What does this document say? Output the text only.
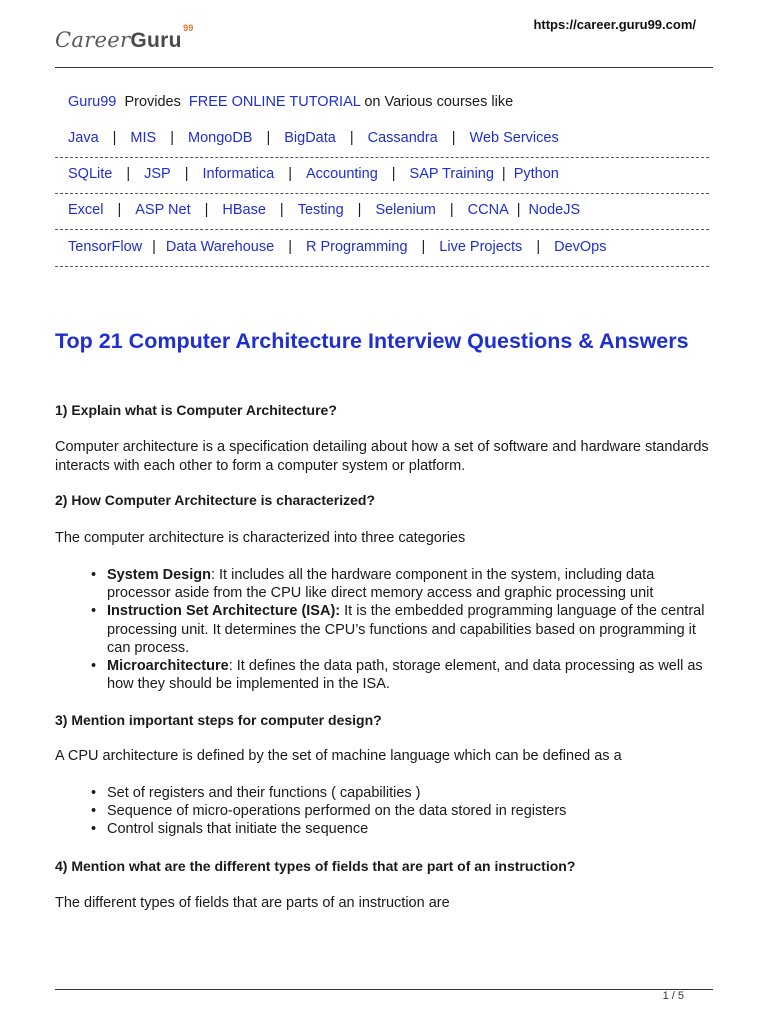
CareerGuru
99	https://career.guru99.com/
Guru99 Provides FREE ONLINE TUTORIAL on Various courses like
Java | MIS | MongoDB | BigData | Cassandra | Web Services
SQLite | JSP | Informatica | Accounting | SAP Training | Python
Excel | ASP Net | HBase | Testing | Selenium | CCNA | NodeJS
TensorFlow | Data Warehouse | R Programming | Live Projects | DevOps
Top 21 Computer Architecture Interview Questions & Answers
1) Explain what is Computer Architecture?
Computer architecture is a specification detailing about how a set of software and hardware standards interacts with each other to form a computer system or platform.
2) How Computer Architecture is characterized?
The computer architecture is characterized into three categories
• System Design: It includes all the hardware component in the system, including data processor aside from the CPU like direct memory access and graphic processing unit
• Instruction Set Architecture (ISA): It is the embedded programming language of the central processing unit. It determines the CPU’s functions and capabilities based on programming it can process.
• Microarchitecture: It defines the data path, storage element, and data processing as well as how they should be implemented in the ISA.
3) Mention important steps for computer design?
A CPU architecture is defined by the set of machine language which can be defined as a
• Set of registers and their functions ( capabilities )
• Sequence of micro-operations performed on the data stored in registers
• Control signals that initiate the sequence
4) Mention what are the different types of fields that are part of an instruction?
The different types of fields that are parts of an instruction are
1 / 5
